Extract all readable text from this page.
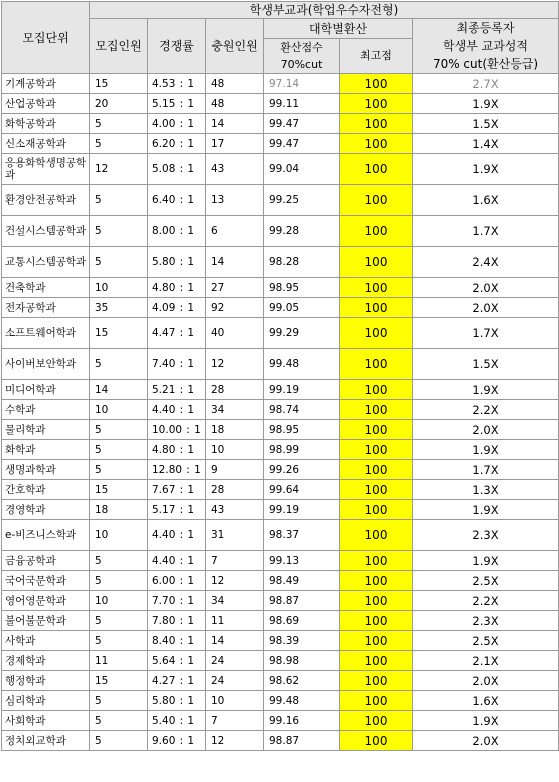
모집단위	학생부교과(학업우수자전형)					
	모집인원	경쟁률	충원인원	대학별환산		최종등록자
학생부 교과성적
70% cut(환산등급)

				환산점수
70%cut	최고점	
기계공학과	15	4.53 : 1	48	97.14	100	2.7X
산업공학과	20	5.15 : 1	48	99.11	100	1.9X
화학공학과	5	4.00 : 1	14	99.47	100	1.5X
신소재공학과	5	6.20 : 1	17	99.47	100	1.4X
응용화학생명공학과	12	5.08 : 1	43	99.04	100	1.9X
환경안전공학과	5	6.40 : 1	13	99.25	100	1.6X
건설시스템공학과	5	8.00 : 1	6	99.28	100	1.7X
교통시스템공학과	5	5.80 : 1	14	98.28	100	2.4X
건축학과	10	4.80 : 1	27	98.95	100	2.0X
전자공학과	35	4.09 : 1	92	99.05	100	2.0X
소프트웨어학과	15	4.47 : 1	40	99.29	100	1.7X
사이버보안학과	5	7.40 : 1	12	99.48	100	1.5X
미디어학과	14	5.21 : 1	28	99.19	100	1.9X
수학과	10	4.40 : 1	34	98.74	100	2.2X
물리학과	5	10.00 : 1	18	98.95	100	2.0X
화학과	5	4.80 : 1	10	98.99	100	1.9X
생명과학과	5	12.80 : 1	9	99.26	100	1.7X
간호학과	15	7.67 : 1	28	99.64	100	1.3X
경영학과	18	5.17 : 1	43	99.19	100	1.9X
e-비즈니스학과	10	4.40 : 1	31	98.37	100	2.3X
금융공학과	5	4.40 : 1	7	99.13	100	1.9X
국어국문학과	5	6.00 : 1	12	98.49	100	2.5X
영어영문학과	10	7.70 : 1	34	98.87	100	2.2X
불어불문학과	5	7.80 : 1	11	98.69	100	2.3X
사학과	5	8.40 : 1	14	98.39	100	2.5X
경제학과	11	5.64 : 1	24	98.98	100	2.1X
행정학과	15	4.27 : 1	24	98.62	100	2.0X
심리학과	5	5.80 : 1	10	99.48	100	1.6X
사회학과	5	5.40 : 1	7	99.16	100	1.9X
정치외교학과	5	9.60 : 1	12	98.87	100	2.0X
